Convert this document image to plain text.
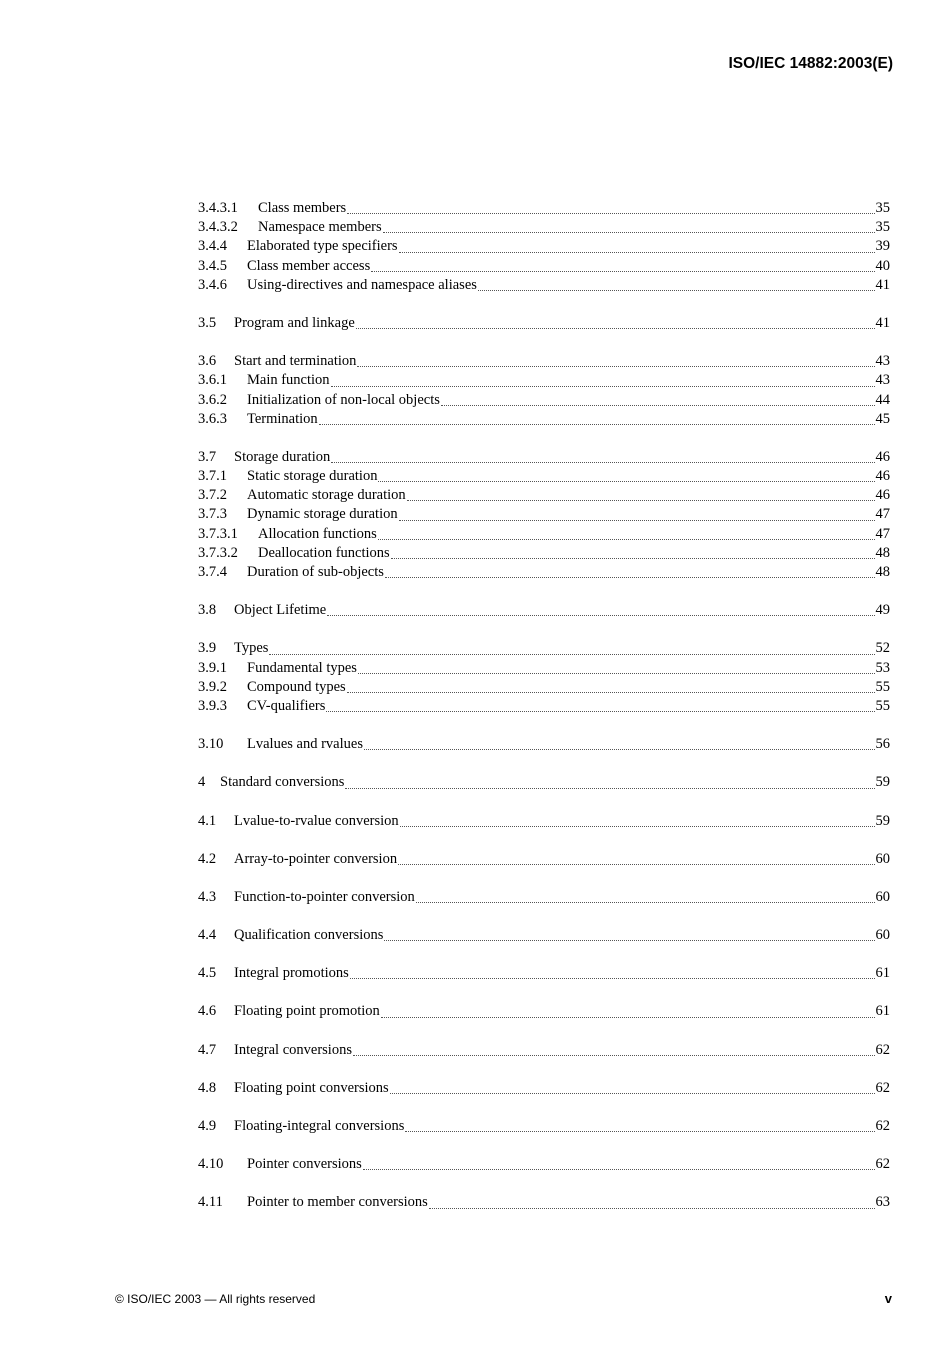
ISO/IEC 14882:2003(E)
3.4.3.1	Class members	35
3.4.3.2	Namespace members	35
3.4.4	Elaborated type specifiers	39
3.4.5	Class member access	40
3.4.6	Using-directives and namespace aliases	41
3.5	Program and linkage	41
3.6	Start and termination	43
3.6.1	Main function	43
3.6.2	Initialization of non-local objects	44
3.6.3	Termination	45
3.7	Storage duration	46
3.7.1	Static storage duration	46
3.7.2	Automatic storage duration	46
3.7.3	Dynamic storage duration	47
3.7.3.1	Allocation functions	47
3.7.3.2	Deallocation functions	48
3.7.4	Duration of sub-objects	48
3.8	Object Lifetime	49
3.9	Types	52
3.9.1	Fundamental types	53
3.9.2	Compound types	55
3.9.3	CV-qualifiers	55
3.10	Lvalues and rvalues	56
4	Standard conversions	59
4.1	Lvalue-to-rvalue conversion	59
4.2	Array-to-pointer conversion	60
4.3	Function-to-pointer conversion	60
4.4	Qualification conversions	60
4.5	Integral promotions	61
4.6	Floating point promotion	61
4.7	Integral conversions	62
4.8	Floating point conversions	62
4.9	Floating-integral conversions	62
4.10	Pointer conversions	62
4.11	Pointer to member conversions	63
© ISO/IEC 2003 — All rights reserved	v
